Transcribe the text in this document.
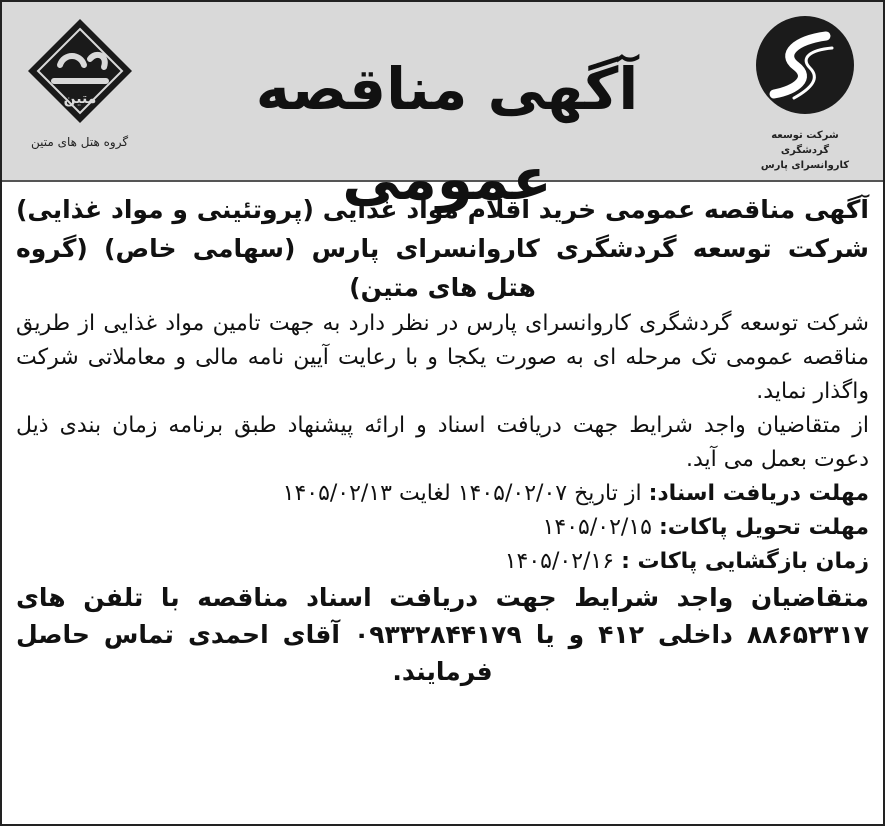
متین
گروه هتل های متین
آگهی مناقصه عمومی
شرکت توسعه گردشگری
کاروانسرای پارس

آگهی مناقصه عمومی خرید اقلام مواد غذایی (پروتئینی و مواد غذایی) شرکت توسعه گردشگری کاروانسرای پارس (سهامی خاص) (گروه هتل های متین)

شرکت توسعه گردشگری کاروانسرای پارس در نظر دارد به جهت تامین مواد غذایی از طریق مناقصه عمومی تک مرحله ای به صورت یکجا و با رعایت آیین نامه مالی و معاملاتی شرکت واگذار نماید.

از متقاضیان واجد شرایط جهت دریافت اسناد و ارائه پیشنهاد طبق برنامه زمان بندی ذیل دعوت بعمل می آید.

مهلت دریافت اسناد: از تاریخ ۱۴۰۵/۰۲/۰۷ لغایت ۱۴۰۵/۰۲/۱۳

مهلت تحویل پاکات: ۱۴۰۵/۰۲/۱۵

زمان بازگشایی پاکات : ۱۴۰۵/۰۲/۱۶

متقاضیان واجد شرایط جهت دریافت اسناد مناقصه با تلفن های ۸۸۶۵۲۳۱۷ داخلی ۴۱۲ و یا ۰۹۳۳۲۸۴۴۱۷۹ آقای احمدی تماس حاصل فرمایند.
